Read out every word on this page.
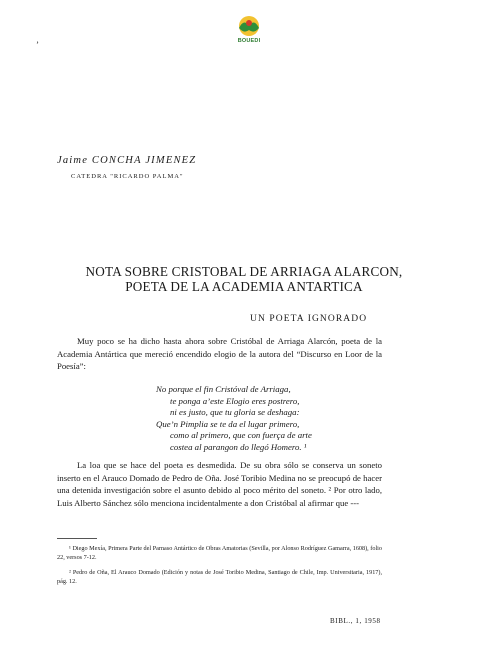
BOUEDI
’
Jaime CONCHA JIMENEZ
CATEDRA "RICARDO PALMA"
NOTA SOBRE CRISTOBAL DE ARRIAGA ALARCON,
POETA DE LA ACADEMIA ANTARTICA
UN POETA IGNORADO

Muy poco se ha dicho hasta ahora sobre Cristóbal de Arriaga Alarcón, poeta de la Academia Antártica que mereció encendido elogio de la autora del “Discurso en Loor de la Poesía”:

No porque el fin Cristóval de Arriaga,
te ponga a’este Elogio eres postrero,
ni es justo, que tu gloria se deshaga:
Que’n Pimplia se te da el lugar primero,
como al primero, que con fuerça de arte
costea al parangon do llegó Homero. ¹

La loa que se hace del poeta es desmedida. De su obra sólo se conserva un soneto inserto en el Arauco Domado de Pedro de Oña. José Toribio Medina no se preocupó de hacer una detenida investigación sobre el asunto debido al poco mérito del soneto. ² Por otro lado, Luis Alberto Sánchez sólo menciona incidentalmente a don Cristóbal al afirmar que ---

¹ Diego Mexía, Primera Parte del Parnaso Antártico de Obras Amatorias (Sevilla, por Alonso Rodríguez Gamarra, 1608), folio 22, versos 7-12.
² Pedro de Oña, El Arauco Domado (Edición y notas de José Toribio Medina, Santiago de Chile, Imp. Universitaria, 1917), pág. 12.
BIBL., 1, 1958
